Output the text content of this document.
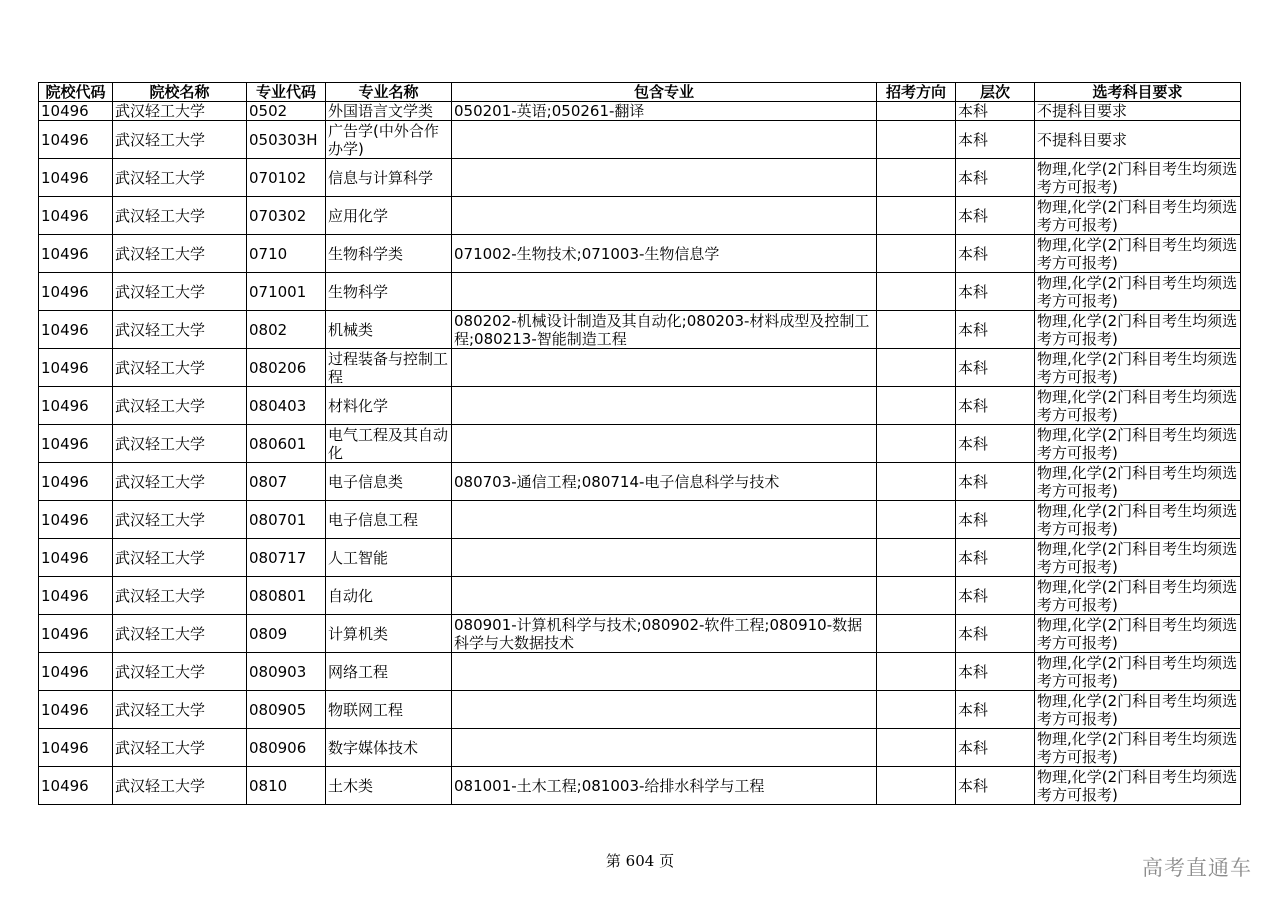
院校代码	院校名称	专业代码	专业名称	包含专业	招考方向	层次	选考科目要求
10496	武汉轻工大学	0502	外国语言文学类	050201-英语;050261-翻译		本科	不提科目要求
10496	武汉轻工大学	050303H	广告学(中外合作办学)			本科	不提科目要求
10496	武汉轻工大学	070102	信息与计算科学			本科	物理,化学(2门科目考生均须选考方可报考)
10496	武汉轻工大学	070302	应用化学			本科	物理,化学(2门科目考生均须选考方可报考)
10496	武汉轻工大学	0710	生物科学类	071002-生物技术;071003-生物信息学		本科	物理,化学(2门科目考生均须选考方可报考)
10496	武汉轻工大学	071001	生物科学			本科	物理,化学(2门科目考生均须选考方可报考)
10496	武汉轻工大学	0802	机械类	080202-机械设计制造及其自动化;080203-材料成型及控制工程;080213-智能制造工程		本科	物理,化学(2门科目考生均须选考方可报考)
10496	武汉轻工大学	080206	过程装备与控制工程			本科	物理,化学(2门科目考生均须选考方可报考)
10496	武汉轻工大学	080403	材料化学			本科	物理,化学(2门科目考生均须选考方可报考)
10496	武汉轻工大学	080601	电气工程及其自动化			本科	物理,化学(2门科目考生均须选考方可报考)
10496	武汉轻工大学	0807	电子信息类	080703-通信工程;080714-电子信息科学与技术		本科	物理,化学(2门科目考生均须选考方可报考)
10496	武汉轻工大学	080701	电子信息工程			本科	物理,化学(2门科目考生均须选考方可报考)
10496	武汉轻工大学	080717	人工智能			本科	物理,化学(2门科目考生均须选考方可报考)
10496	武汉轻工大学	080801	自动化			本科	物理,化学(2门科目考生均须选考方可报考)
10496	武汉轻工大学	0809	计算机类	080901-计算机科学与技术;080902-软件工程;080910-数据科学与大数据技术		本科	物理,化学(2门科目考生均须选考方可报考)
10496	武汉轻工大学	080903	网络工程			本科	物理,化学(2门科目考生均须选考方可报考)
10496	武汉轻工大学	080905	物联网工程			本科	物理,化学(2门科目考生均须选考方可报考)
10496	武汉轻工大学	080906	数字媒体技术			本科	物理,化学(2门科目考生均须选考方可报考)
10496	武汉轻工大学	0810	土木类	081001-土木工程;081003-给排水科学与工程		本科	物理,化学(2门科目考生均须选考方可报考)
第 604 页	高考直通车
